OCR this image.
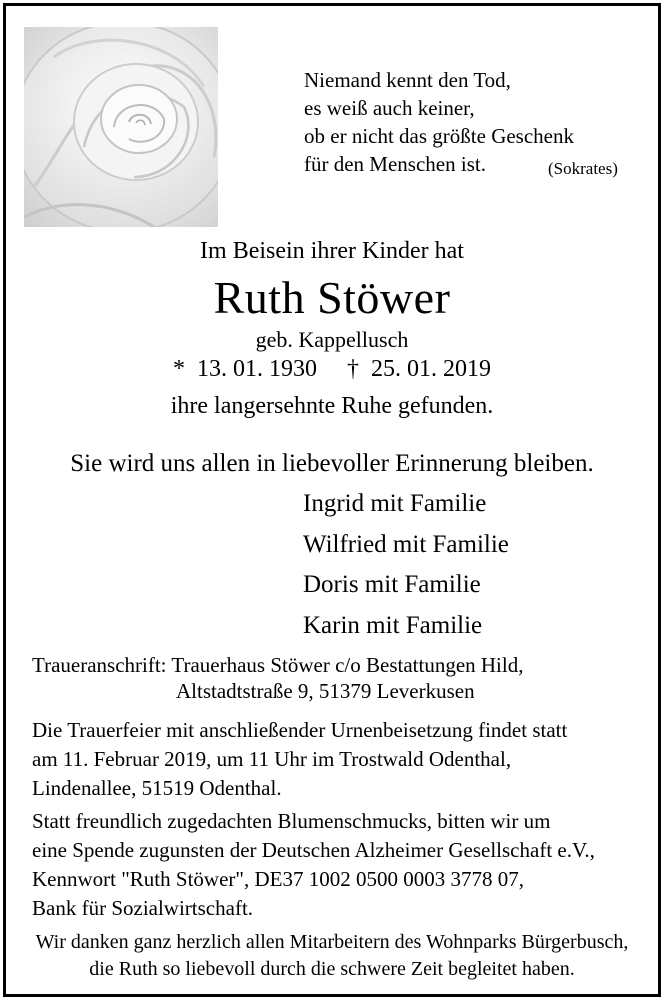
Niemand kennt den Tod,
es weiß auch keiner,
ob er nicht das größte Geschenk
für den Menschen ist.	(Sokrates)
Im Beisein ihrer Kinder hat
Ruth Stöwer
geb. Kappellusch
*  13. 01. 1930     †  25. 01. 2019
ihre langersehnte Ruhe gefunden.
Sie wird uns allen in liebevoller Erinnerung bleiben.
Ingrid mit Familie
Wilfried mit Familie
Doris mit Familie
Karin mit Familie
Traueranschrift: Trauerhaus Stöwer c/o Bestattungen Hild,
Altstadtstraße 9, 51379 Leverkusen
Die Trauerfeier mit anschließender Urnenbeisetzung findet statt
am 11. Februar 2019, um 11 Uhr im Trostwald Odenthal,
Lindenallee, 51519 Odenthal.
Statt freundlich zugedachten Blumenschmucks, bitten wir um
eine Spende zugunsten der Deutschen Alzheimer Gesellschaft e.V.,
Kennwort "Ruth Stöwer", DE37 1002 0500 0003 3778 07,
Bank für Sozialwirtschaft.
Wir danken ganz herzlich allen Mitarbeitern des Wohnparks Bürgerbusch,
die Ruth so liebevoll durch die schwere Zeit begleitet haben.
